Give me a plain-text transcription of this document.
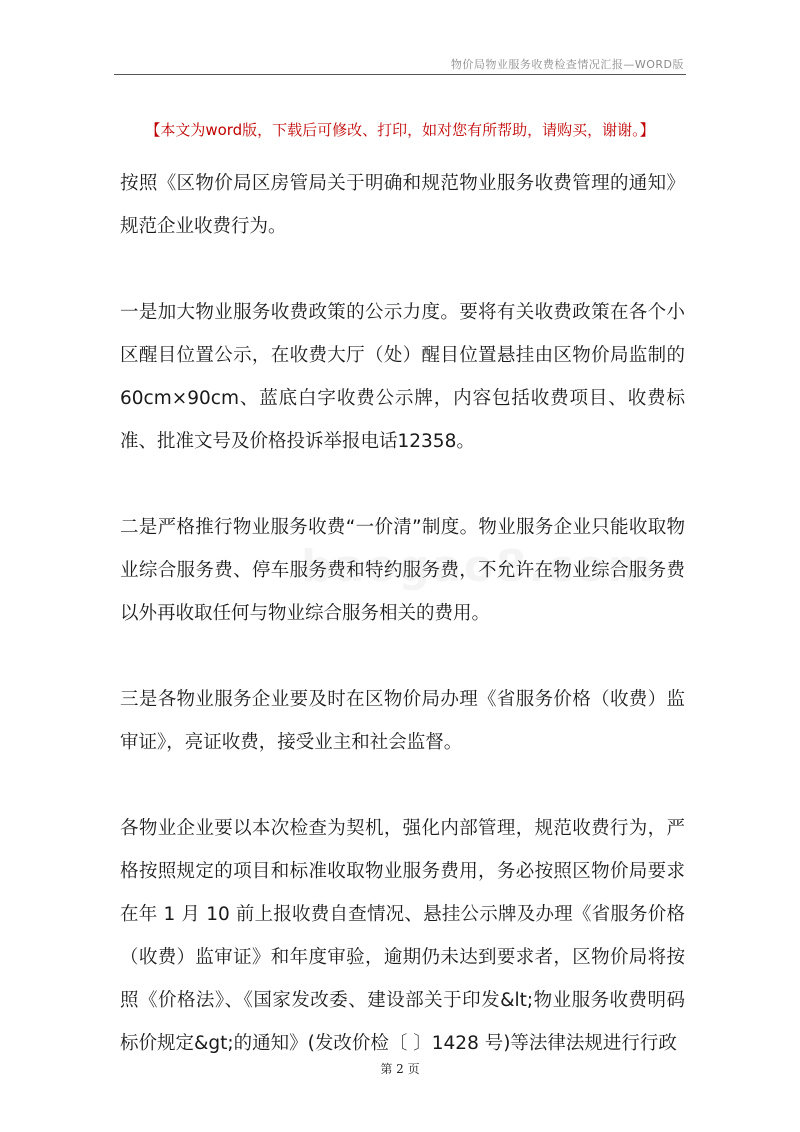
物价局物业服务收费检查情况汇报—WORD版
【本文为word版，下载后可修改、打印，如对您有所帮助，请购买，谢谢。】

按照《区物价局区房管局关于明确和规范物业服务收费管理的通知》规范企业收费行为。

一是加大物业服务收费政策的公示力度。要将有关收费政策在各个小区醒目位置公示，在收费大厅（处）醒目位置悬挂由区物价局监制的60cm×90cm、蓝底白字收费公示牌，内容包括收费项目、收费标准、批准文号及价格投诉举报电话12358。

二是严格推行物业服务收费“一价清”制度。物业服务企业只能收取物业综合服务费、停车服务费和特约服务费，不允许在物业综合服务费以外再收取任何与物业综合服务相关的费用。

三是各物业服务企业要及时在区物价局办理《省服务价格（收费）监审证》，亮证收费，接受业主和社会监督。

各物业企业要以本次检查为契机，强化内部管理，规范收费行为，严格按照规定的项目和标准收取物业服务费用，务必按照区物价局要求在年 1 月 10 前上报收费自查情况、悬挂公示牌及办理《省服务价格（收费）监审证》和年度审验，逾期仍未达到要求者，区物价局将按照《价格法》、《国家发改委、建设部关于印发&lt;物业服务收费明码标价规定&gt;的通知》(发改价检〔 〕1428 号)等法律法规进行行政

第 2 页
